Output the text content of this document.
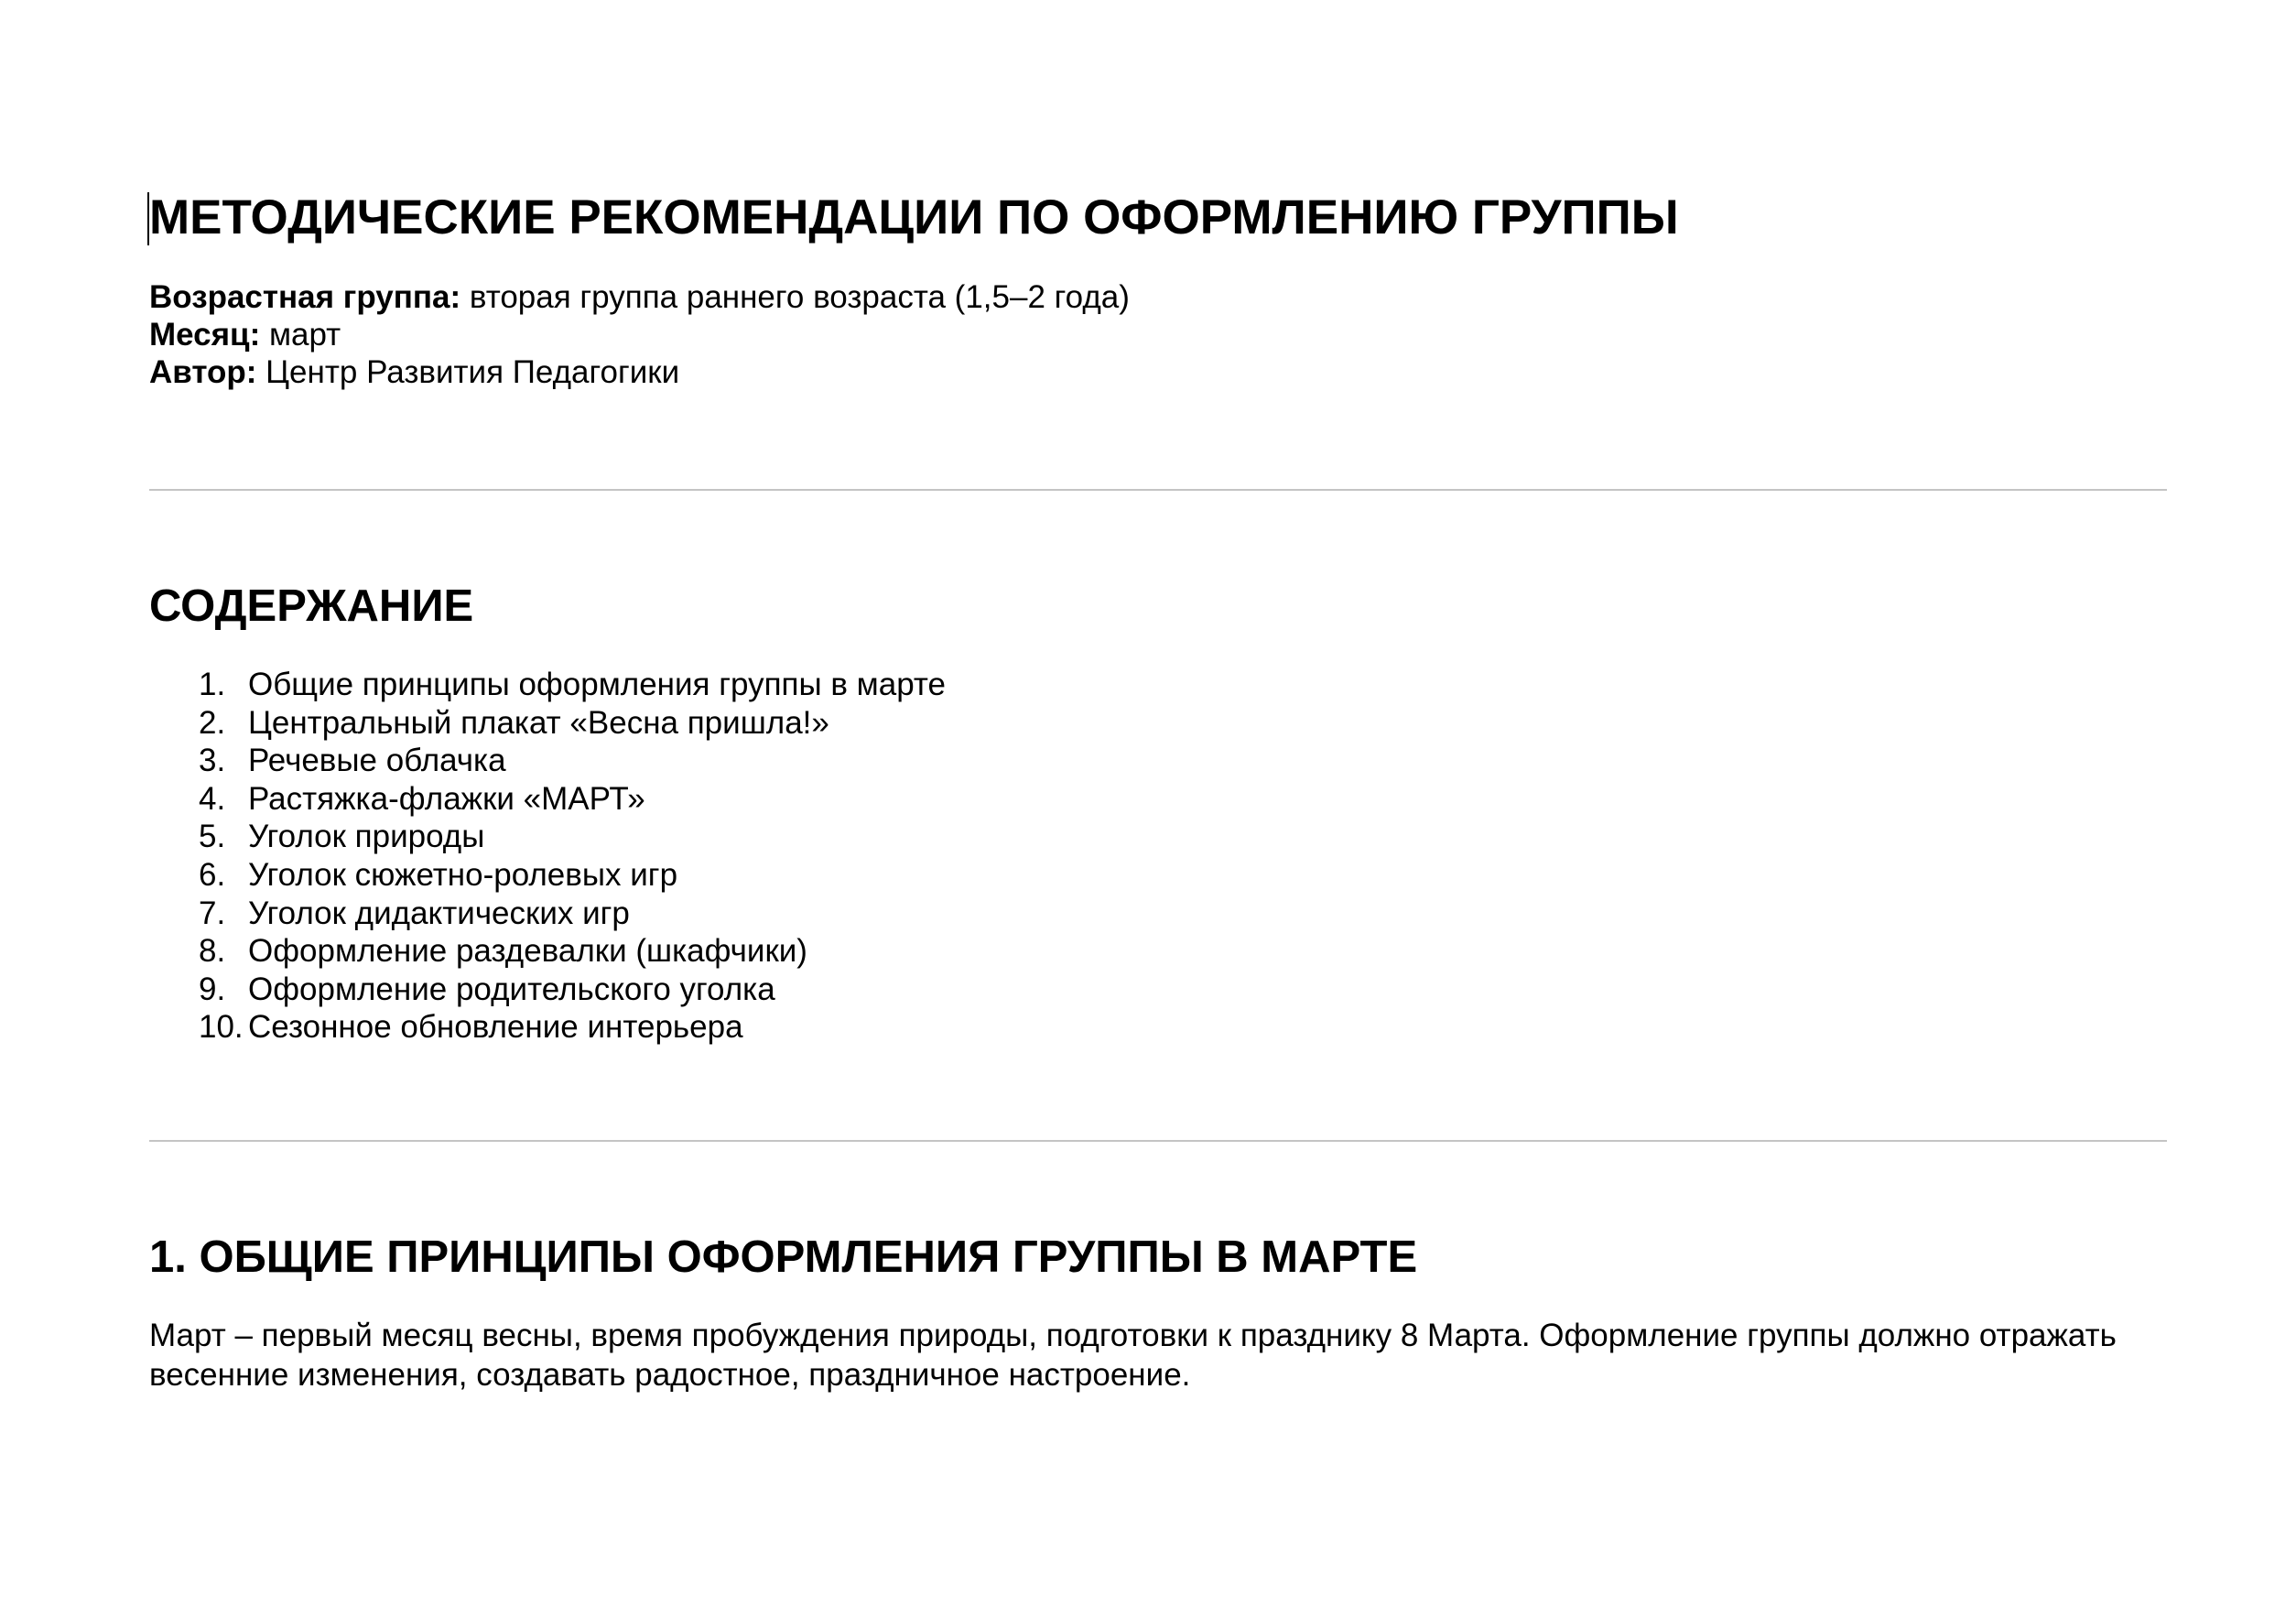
МЕТОДИЧЕСКИЕ РЕКОМЕНДАЦИИ ПО ОФОРМЛЕНИЮ ГРУППЫ
Возрастная группа: вторая группа раннего возраста (1,5–2 года)
Месяц: март
Автор: Центр Развития Педагогики
СОДЕРЖАНИЕ
1. Общие принципы оформления группы в марте
2. Центральный плакат «Весна пришла!»
3. Речевые облачка
4. Растяжка-флажки «МАРТ»
5. Уголок природы
6. Уголок сюжетно-ролевых игр
7. Уголок дидактических игр
8. Оформление раздевалки (шкафчики)
9. Оформление родительского уголка
10. Сезонное обновление интерьера
1. ОБЩИЕ ПРИНЦИПЫ ОФОРМЛЕНИЯ ГРУППЫ В МАРТЕ

Март – первый месяц весны, время пробуждения природы, подготовки к празднику 8 Марта. Оформление группы должно отражать весенние изменения, создавать радостное, праздничное настроение.
